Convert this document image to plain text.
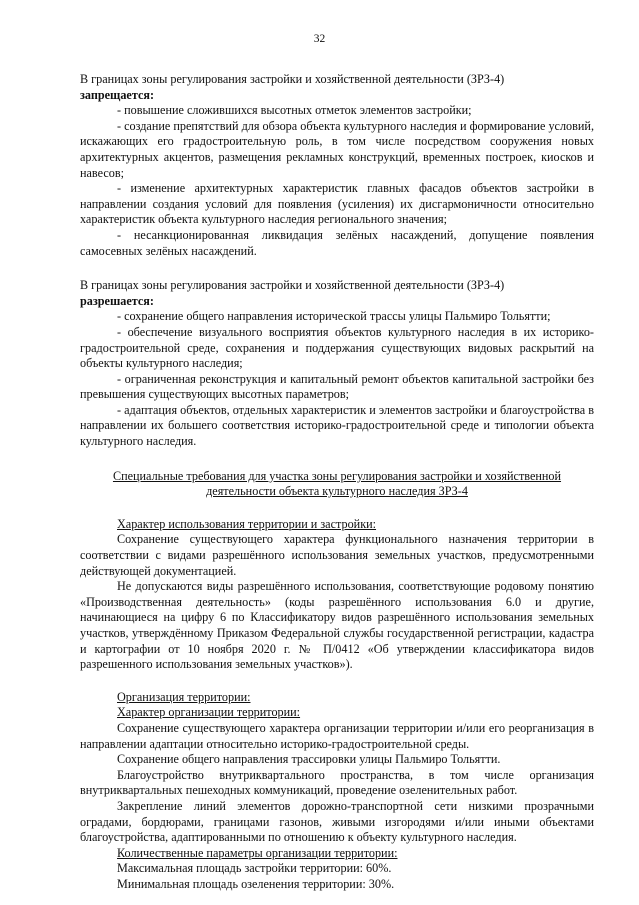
32

В границах зоны регулирования застройки и хозяйственной деятельности (ЗРЗ-4)
запрещается:

- повышение сложившихся высотных отметок элементов застройки;

- создание препятствий для обзора объекта культурного наследия и формирование условий, искажающих его градостроительную роль, в том числе посредством сооружения новых архитектурных акцентов, размещения рекламных конструкций, временных построек, киосков и навесов;

- изменение архитектурных характеристик главных фасадов объектов застройки в направлении создания условий для появления (усиления) их дисгармоничности относительно характеристик объекта культурного наследия регионального значения;

- несанкционированная ликвидация зелёных насаждений, допущение появления самосевных зелёных насаждений.

В границах зоны регулирования застройки и хозяйственной деятельности (ЗРЗ-4)
разрешается:

- сохранение общего направления исторической трассы улицы Пальмиро Тольятти;

- обеспечение визуального восприятия объектов культурного наследия в их историко-градостроительной среде, сохранения и поддержания существующих видовых раскрытий на объекты культурного наследия;

- ограниченная реконструкция и капитальный ремонт объектов капитальной застройки без превышения существующих высотных параметров;

- адаптация объектов, отдельных характеристик и элементов застройки и благоустройства в направлении их большего соответствия историко-градостроительной среде и типологии объекта культурного наследия.

Специальные требования для участка зоны регулирования застройки и хозяйственной деятельности объекта культурного наследия ЗРЗ-4

Характер использования территории и застройки:

Сохранение существующего характера функционального назначения территории в соответствии с видами разрешённого использования земельных участков, предусмотренными действующей документацией.

Не допускаются виды разрешённого использования, соответствующие родовому понятию «Производственная деятельность» (коды разрешённого использования 6.0 и другие, начинающиеся на цифру 6 по Классификатору видов разрешённого использования земельных участков, утверждённому Приказом Федеральной службы государственной регистрации, кадастра и картографии от 10 ноября 2020 г. № П/0412 «Об утверждении классификатора видов разрешенного использования земельных участков»).

Организация территории:

Характер организации территории:

Сохранение существующего характера организации территории и/или его реорганизация в направлении адаптации относительно историко-градостроительной среды.

Сохранение общего направления трассировки улицы Пальмиро Тольятти.

Благоустройство внутриквартального пространства, в том числе организация внутриквартальных пешеходных коммуникаций, проведение озеленительных работ.

Закрепление линий элементов дорожно-транспортной сети низкими прозрачными оградами, бордюрами, границами газонов, живыми изгородями и/или иными объектами благоустройства, адаптированными по отношению к объекту культурного наследия.

Количественные параметры организации территории:

Максимальная площадь застройки территории: 60%.

Минимальная площадь озеленения территории: 30%.
